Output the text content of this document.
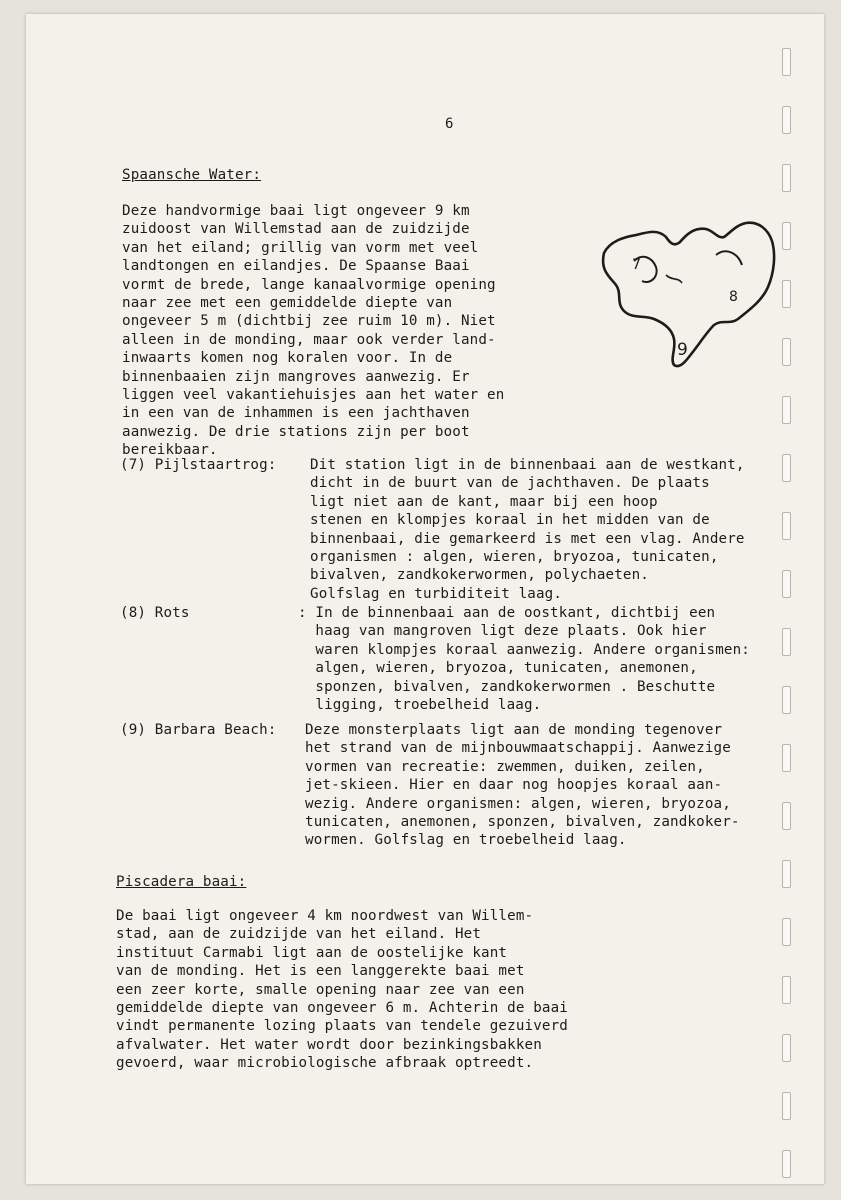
6
Spaansche Water:
Deze handvormige baai ligt ongeveer 9 km
zuidoost van Willemstad aan de zuidzijde
van het eiland; grillig van vorm met veel
landtongen en eilandjes. De Spaanse Baai
vormt de brede, lange kanaalvormige opening
naar zee met een gemiddelde diepte van
ongeveer 5 m (dichtbij zee ruim 10 m). Niet
alleen in de monding, maar ook verder land-
inwaarts komen nog koralen voor. In de
binnenbaaien zijn mangroves aanwezig. Er
liggen veel vakantiehuisjes aan het water en
in een van de inhammen is een jachthaven
aanwezig. De drie stations zijn per boot
bereikbaar.
7
8
9
(7) Pijlstaartrog: Dit station ligt in de binnenbaai aan de westkant,
dicht in de buurt van de jachthaven. De plaats
ligt niet aan de kant, maar bij een hoop
stenen en klompjes koraal in het midden van de
binnenbaai, die gemarkeerd is met een vlag. Andere
organismen : algen, wieren, bryozoa, tunicaten,
bivalven, zandkokerwormen, polychaeten.
Golfslag en turbiditeit laag.
(8) Rots	: In de binnenbaai aan de oostkant, dichtbij een
haag van mangroven ligt deze plaats. Ook hier
waren klompjes koraal aanwezig. Andere organismen:
algen, wieren, bryozoa, tunicaten, anemonen,
sponzen, bivalven, zandkokerwormen . Beschutte
ligging, troebelheid laag.
(9) Barbara Beach: Deze monsterplaats ligt aan de monding tegenover
het strand van de mijnbouwmaatschappij. Aanwezige
vormen van recreatie: zwemmen, duiken, zeilen,
jet-skieen. Hier en daar nog hoopjes koraal aan-
wezig. Andere organismen: algen, wieren, bryozoa,
tunicaten, anemonen, sponzen, bivalven, zandkoker-
wormen. Golfslag en troebelheid laag.
Piscadera baai:
De baai ligt ongeveer 4 km noordwest van Willem-
stad, aan de zuidzijde van het eiland. Het
instituut Carmabi ligt aan de oostelijke kant
van de monding. Het is een langgerekte baai met
een zeer korte, smalle opening naar zee van een
gemiddelde diepte van ongeveer 6 m. Achterin de baai
vindt permanente lozing plaats van tendele gezuiverd
afvalwater. Het water wordt door bezinkingsbakken
gevoerd, waar microbiologische afbraak optreedt.
